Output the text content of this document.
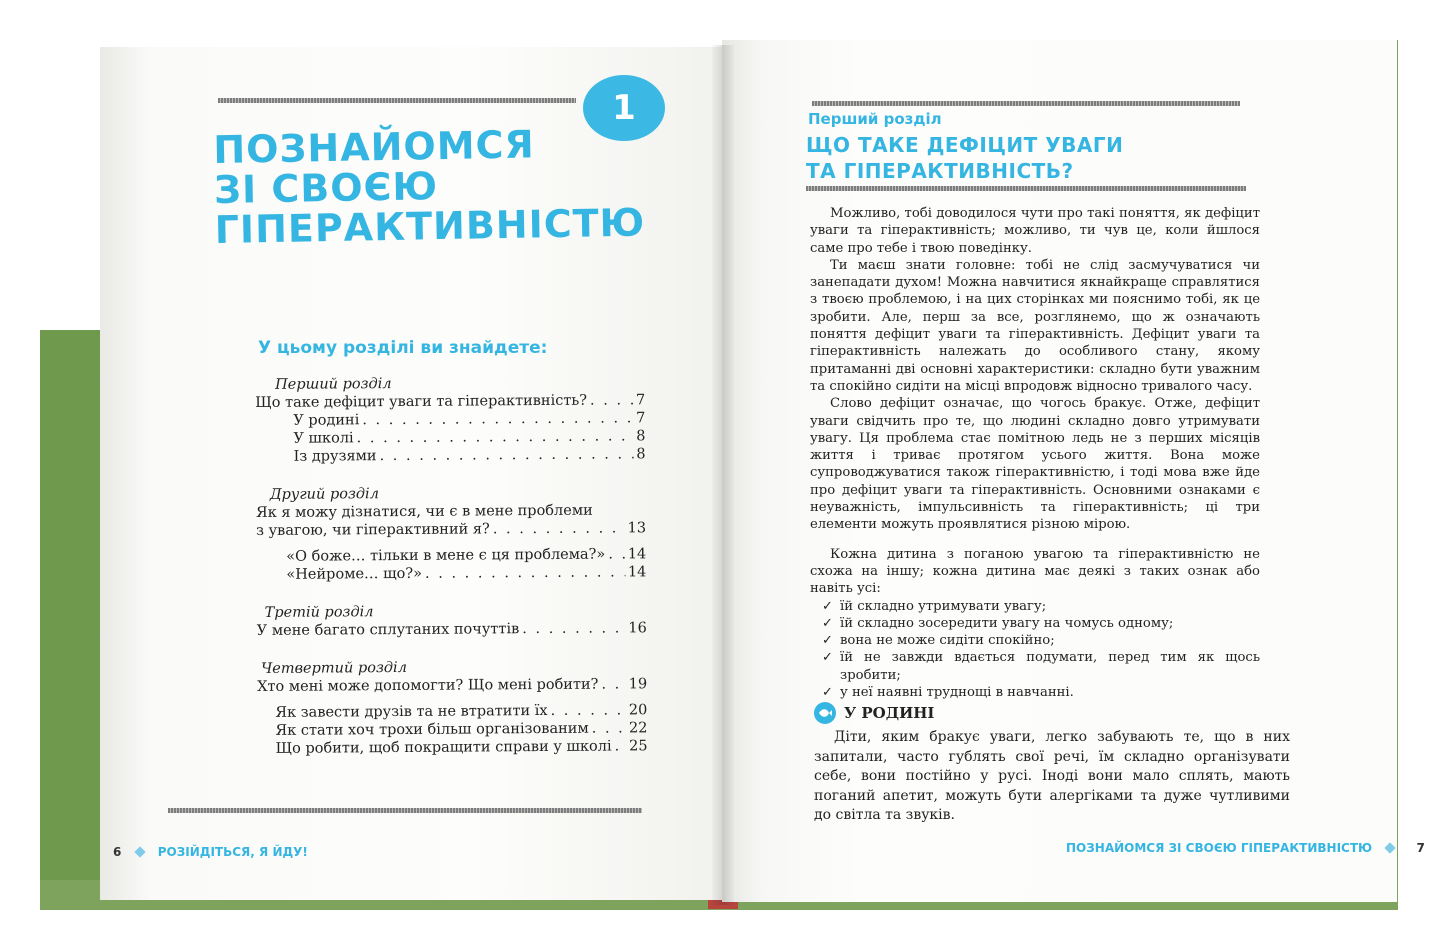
1
ПОЗНАЙОМСЯ
ЗІ СВОЄЮ
ГІПЕРАКТИВНІСТЮ
У цьому розділі ви знайдете:
Перший розділ
Що таке дефіцит уваги та гіперактивність? . . .	7
У родині . . .	7
У школі . . .	8
Із друзями . . .	8
Другий розділ
Як я можу дізнатися, чи є в мене проблеми
з увагою, чи гіперактивний я? . . .	13
«О боже… тільки в мене є ця проблема?» . . . 14
«Нейроме… що?» . . .	14
Третій розділ
У мене багато сплутаних почуттів . . .	16
Четвертий розділ
Хто мені може допомогти? Що мені робити? . . . 19
Як завести друзів та не втратити їх . . .	20
Як стати хоч трохи більш організованим . . .	22
Що робити, щоб покращити справи у школі . . . 25
6	РОЗІЙДІТЬСЯ, Я ЙДУ!
Перший розділ
ЩО ТАКЕ ДЕФІЦИТ УВАГИ
ТА ГІПЕРАКТИВНІСТЬ?

Можливо, тобі доводилося чути про такі поняття, як дефіцит уваги та гіперактивність; можливо, ти чув це, коли йшлося саме про тебе і твою поведінку.

Ти маєш знати головне: тобі не слід засмучуватися чи занепадати духом! Можна навчитися якнайкраще справлятися з твоєю проблемою, і на цих сторінках ми пояснимо тобі, як це зробити. Але, перш за все, розглянемо, що ж означають поняття дефіцит уваги та гіперактивність. Дефіцит уваги та гіперактивність належать до особливого стану, якому притаманні дві основні характеристики: складно бути уважним та спокійно сидіти на місці впродовж відносно тривалого часу.

Слово дефіцит означає, що чогось бракує. Отже, дефіцит уваги свідчить про те, що людині складно довго утримувати увагу. Ця проблема стає помітною ледь не з перших місяців життя і триває протягом усього життя. Вона може супроводжуватися також гіперактивністю, і тоді мова вже йде про дефіцит уваги та гіперактивність. Основними ознаками є неуважність, імпульсивність та гіперактивність; ці три елементи можуть проявлятися різною мірою.

Кожна дитина з поганою увагою та гіперактивністю не схожа на іншу; кожна дитина має деякі з таких ознак або навіть усі:

✓ їй складно утримувати увагу;
✓ їй складно зосередити увагу на чомусь одному;
✓ вона не може сидіти спокійно;
✓ їй не завжди вдається подумати, перед тим як щось зробити;
✓ у неї наявні труднощі в навчанні.
У РОДИНІ

Діти, яким бракує уваги, легко забувають те, що в них запитали, часто гублять свої речі, їм складно організувати себе, вони постійно у русі. Іноді вони мало сплять, мають поганий апетит, можуть бути алергіками та дуже чутливими до світла та звуків.

ПОЗНАЙОМСЯ ЗІ СВОЄЮ ГІПЕРАКТИВНІСТЮ	7
